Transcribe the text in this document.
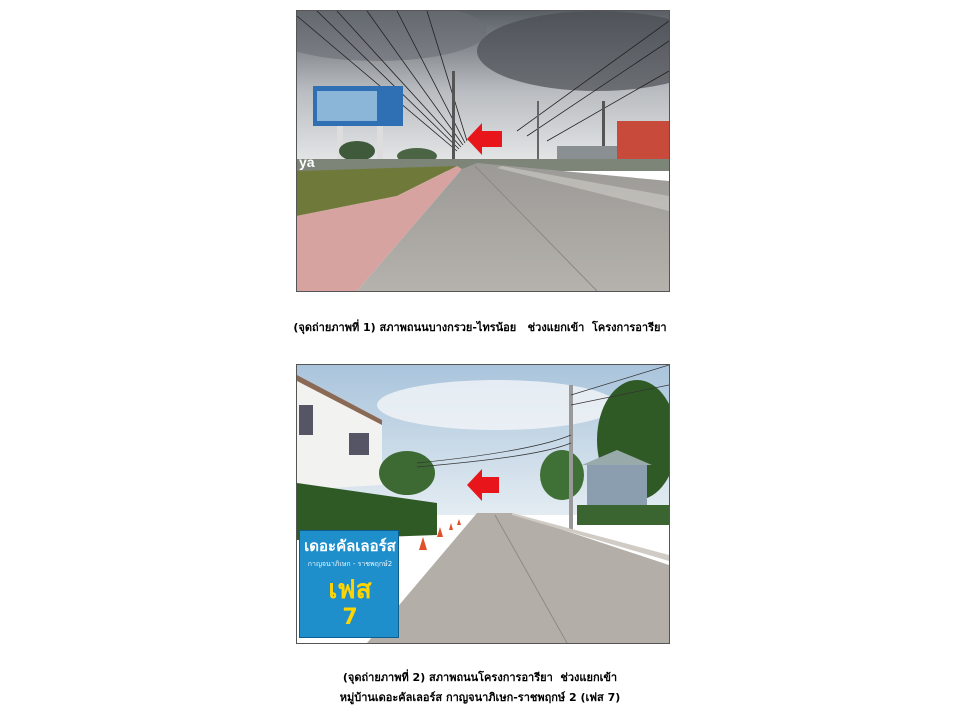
ya
(จุดถ่ายภาพที่ 1) สภาพถนนบางกรวย-ไทรน้อย   ช่วงแยกเข้า  โครงการอารียา
เดอะคัลเลอร์ส
กาญจนาภิเษก - ราชพฤกษ์2
เฟส
7
(จุดถ่ายภาพที่ 2) สภาพถนนโครงการอารียา  ช่วงแยกเข้า
หมู่บ้านเดอะคัลเลอร์ส กาญจนาภิเษก-ราชพฤกษ์ 2 (เฟส 7)
